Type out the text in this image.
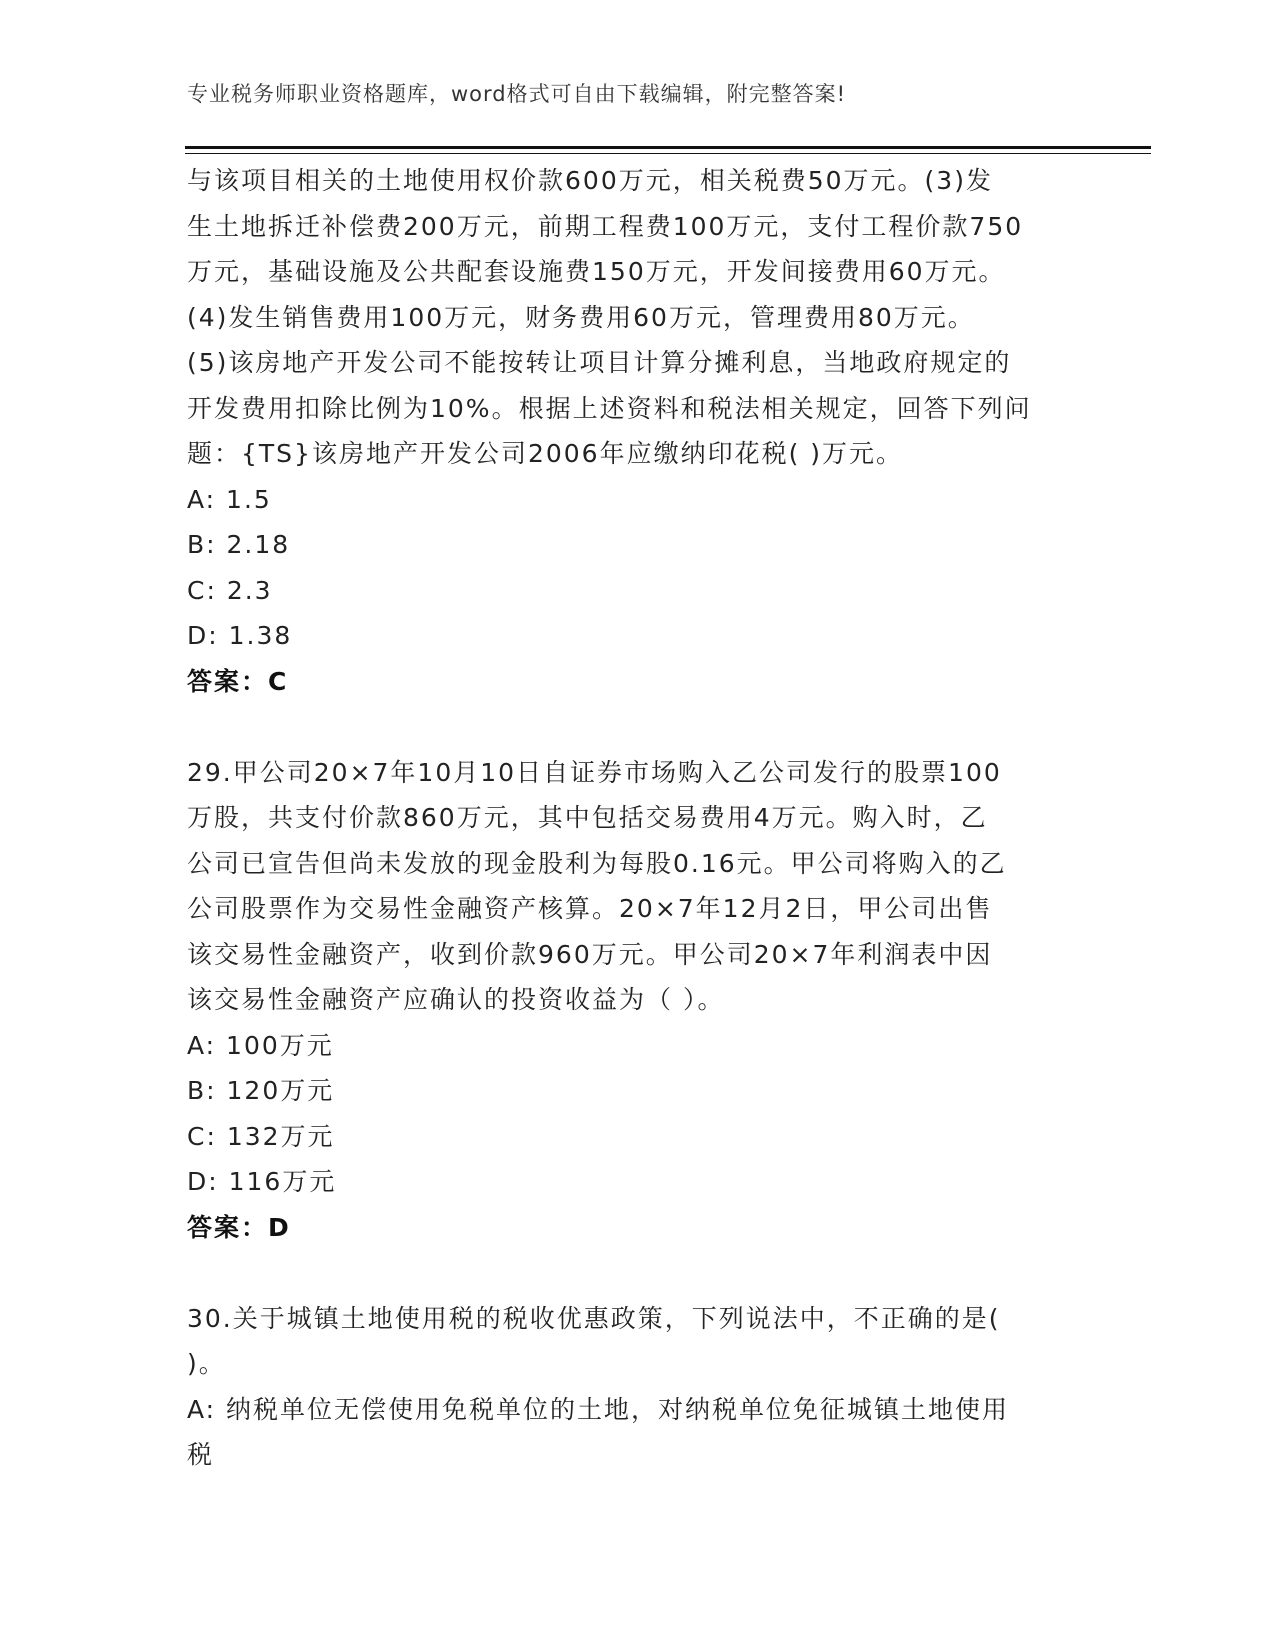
专业税务师职业资格题库，word格式可自由下载编辑，附完整答案!
与该项目相关的土地使用权价款600万元，相关税费50万元。(3)发
生土地拆迁补偿费200万元，前期工程费100万元，支付工程价款750
万元，基础设施及公共配套设施费150万元，开发间接费用60万元。
(4)发生销售费用100万元，财务费用60万元，管理费用80万元。
(5)该房地产开发公司不能按转让项目计算分摊利息，当地政府规定的
开发费用扣除比例为10%。根据上述资料和税法相关规定，回答下列问
题：{TS}该房地产开发公司2006年应缴纳印花税( )万元。
A: 1.5
B: 2.18
C: 2.3
D: 1.38
答案：C
29.甲公司20×7年10月10日自证券市场购入乙公司发行的股票100
万股，共支付价款860万元，其中包括交易费用4万元。购入时，乙
公司已宣告但尚未发放的现金股利为每股0.16元。甲公司将购入的乙
公司股票作为交易性金融资产核算。20×7年12月2日，甲公司出售
该交易性金融资产，收到价款960万元。甲公司20×7年利润表中因
该交易性金融资产应确认的投资收益为（ ）。
A: 100万元
B: 120万元
C: 132万元
D: 116万元
答案：D
30.关于城镇土地使用税的税收优惠政策，下列说法中，不正确的是(
)。
A: 纳税单位无偿使用免税单位的土地，对纳税单位免征城镇土地使用
税
